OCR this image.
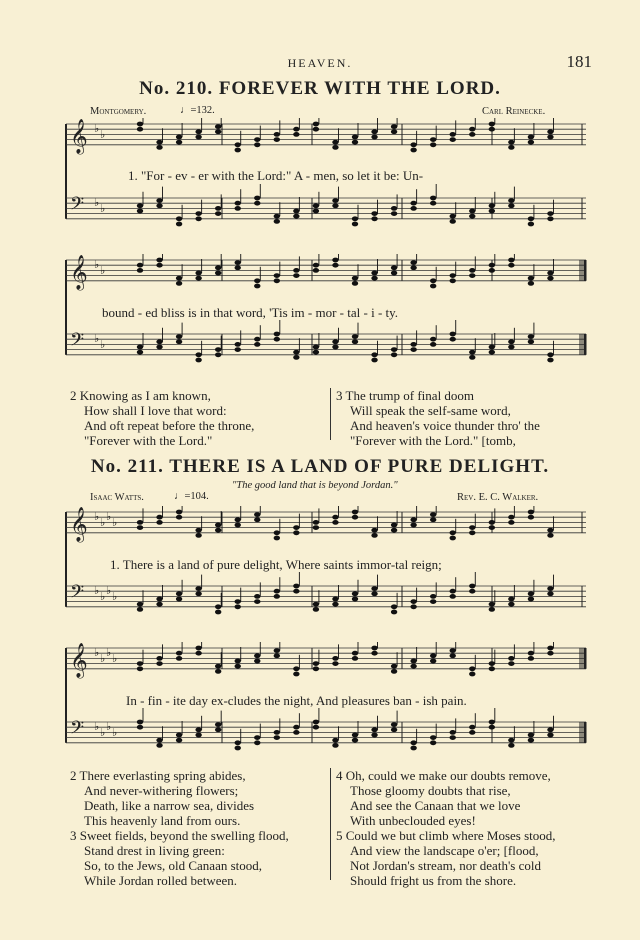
HEAVEN.	181
No. 210. FOREVER WITH THE LORD.
Montgomery.	♩=132.	Carl Reinecke.
𝄞 ♭ ♭
𝄢 ♭ ♭
1. "For - ev - er with the Lord:" A - men, so let it be: Un-
𝄞 ♭ ♭
𝄢 ♭ ♭
bound - ed bliss is in that word, 'Tis im - mor - tal - i - ty.
2 Knowing as I am known,
How shall I love that word:
And oft repeat before the throne,
"Forever with the Lord."
3 The trump of final doom
Will speak the self-same word,
And heaven's voice thunder thro' the
"Forever with the Lord." [tomb,
No. 211. THERE IS A LAND OF PURE DELIGHT.
"The good land that is beyond Jordan."
Isaac Watts.	♩=104.	Rev. E. C. Walker.
𝄞 ♭ ♭ ♭ ♭
𝄢 ♭ ♭ ♭ ♭
1. There is a land of pure delight, Where saints immor-tal reign;
𝄞 ♭ ♭ ♭ ♭
𝄢 ♭ ♭ ♭ ♭
In - fin - ite day ex-cludes the night, And pleasures ban - ish pain.
2 There everlasting spring abides,
And never-withering flowers;
Death, like a narrow sea, divides
This heavenly land from ours.
3 Sweet fields, beyond the swelling flood,
Stand drest in living green:
So, to the Jews, old Canaan stood,
While Jordan rolled between.
4 Oh, could we make our doubts remove,
Those gloomy doubts that rise,
And see the Canaan that we love
With unbeclouded eyes!
5 Could we but climb where Moses stood,
And view the landscape o'er; [flood,
Not Jordan's stream, nor death's cold
Should fright us from the shore.
